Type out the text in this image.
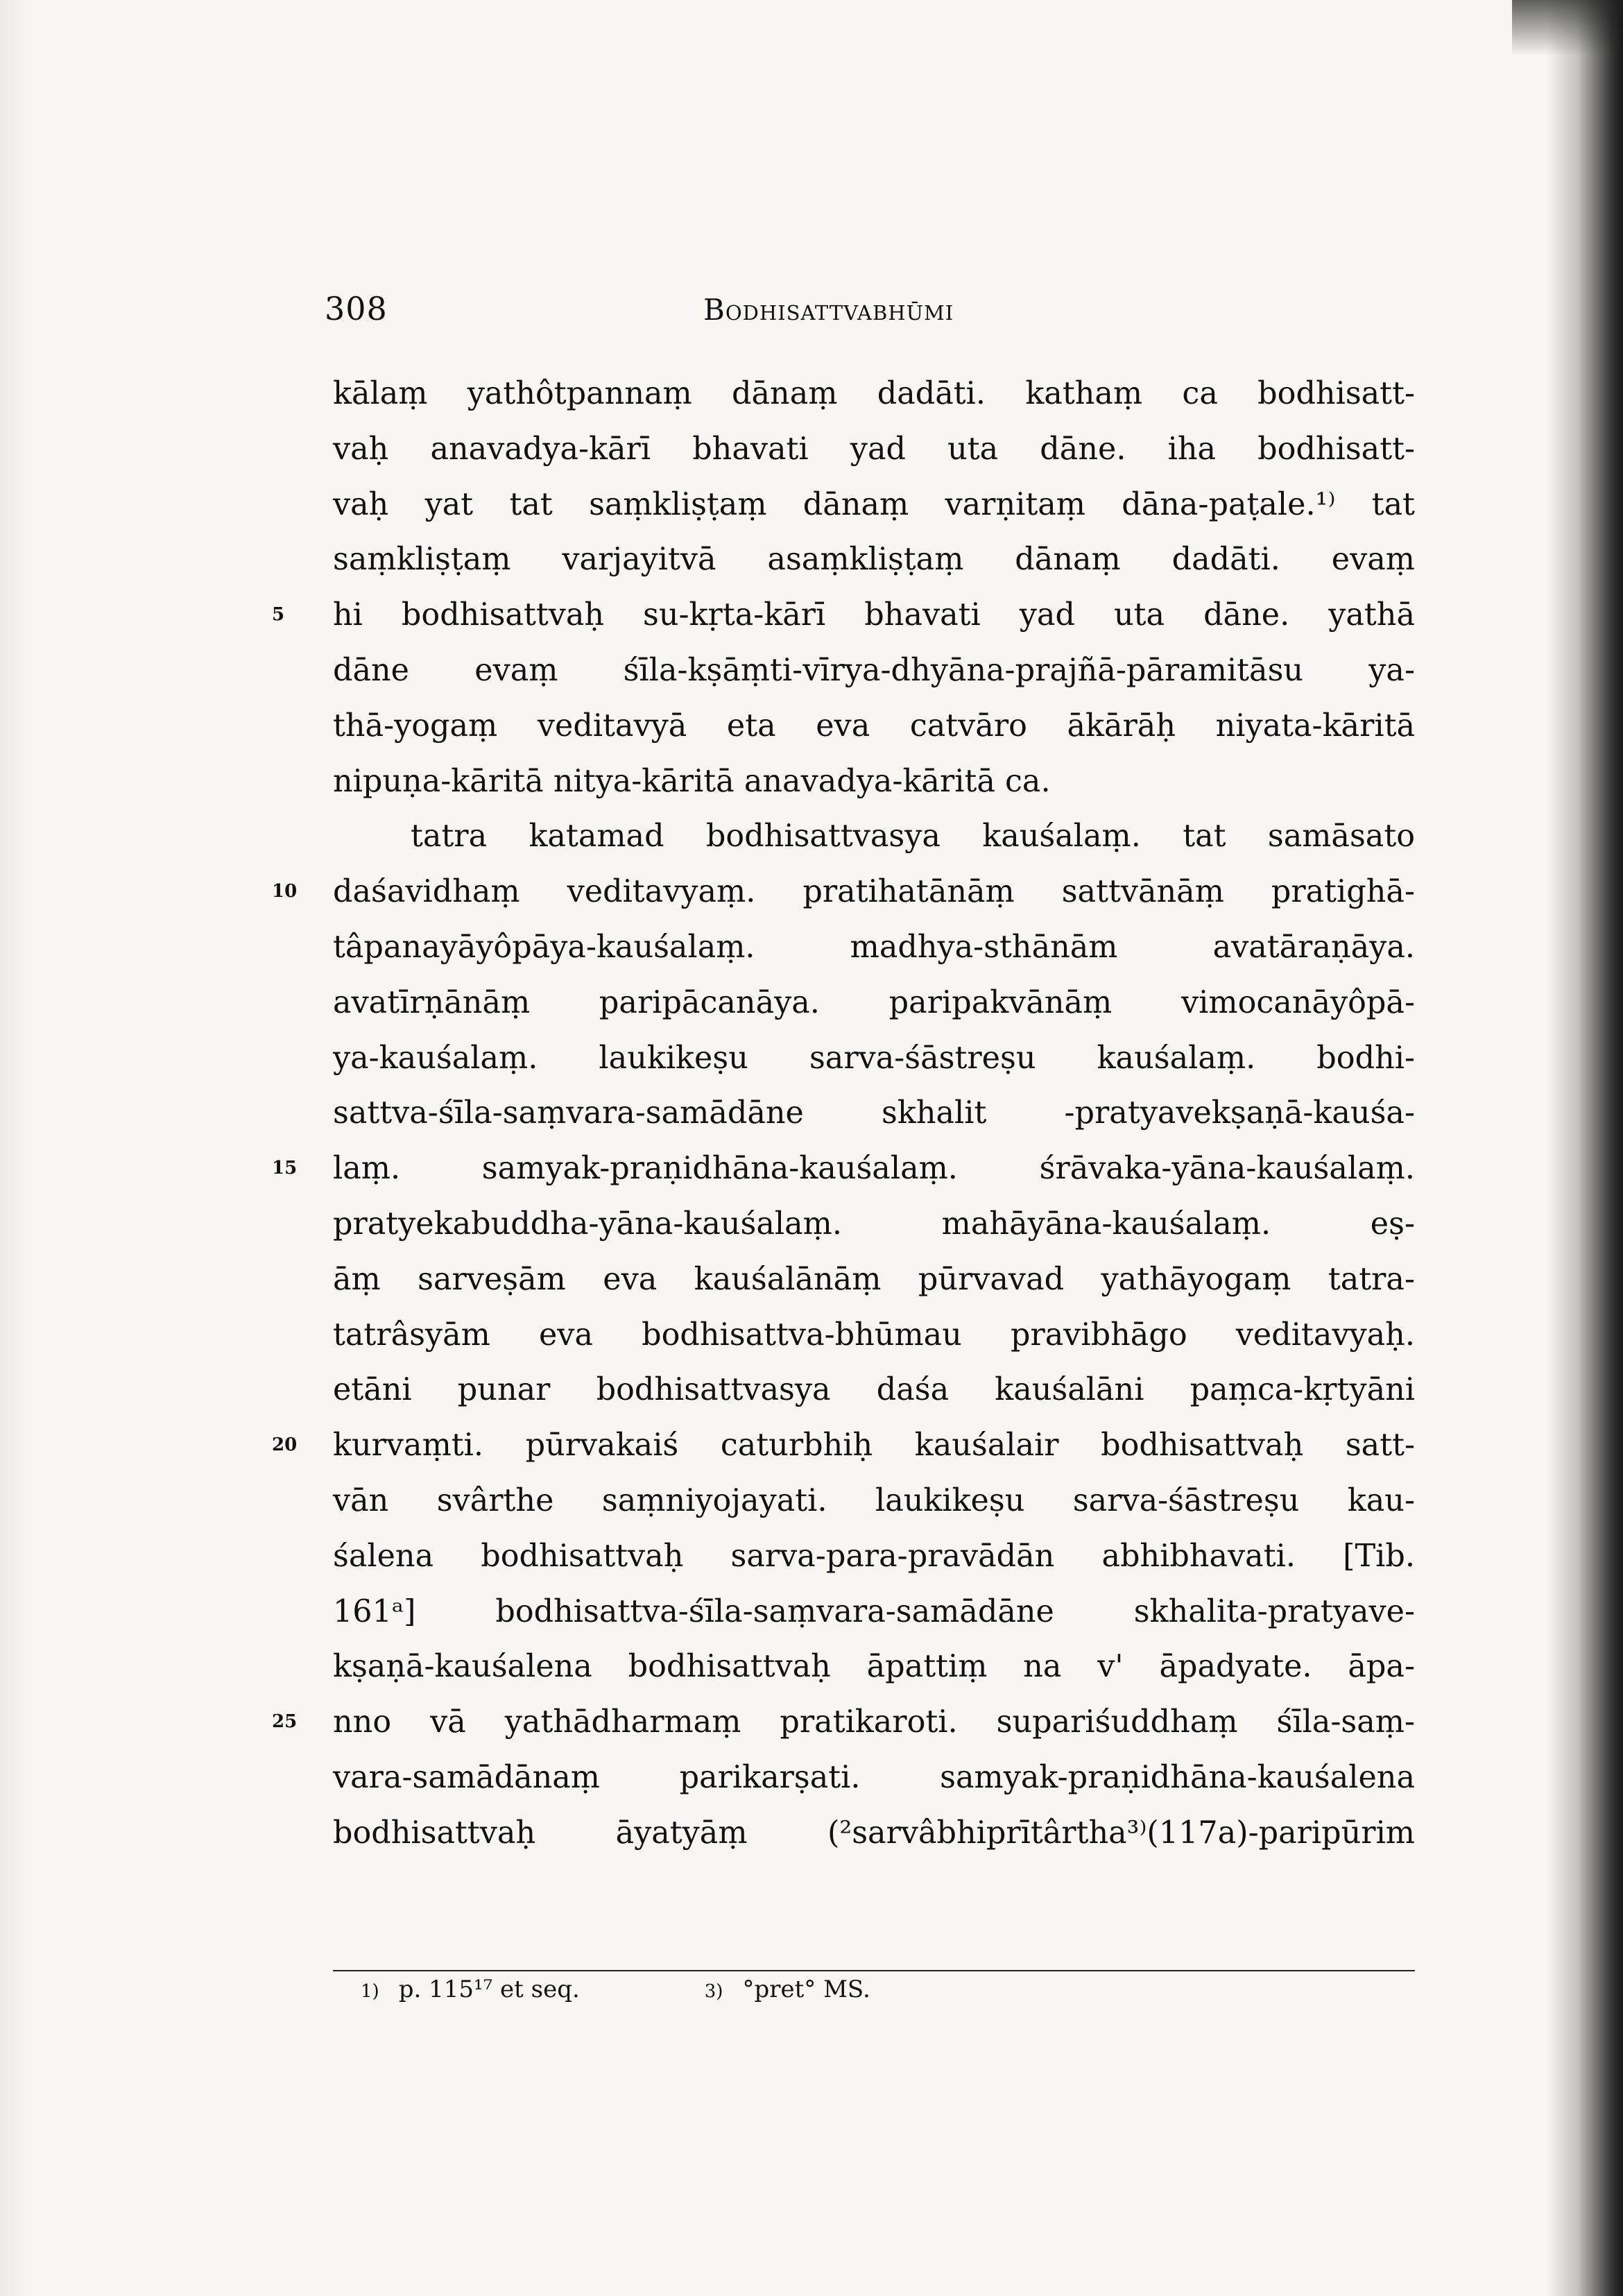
308	Bodhisattvabhūmi
kālaṃ yathôtpannaṃ dānaṃ dadāti. kathaṃ ca bodhisatt-
vaḥ anavadya-kārī bhavati yad uta dāne. iha bodhisatt-
vaḥ yat tat saṃkliṣṭaṃ dānaṃ varṇitaṃ dāna-paṭale.¹⁾ tat
saṃkliṣṭaṃ varjayitvā asaṃkliṣṭaṃ dānaṃ dadāti. evaṃ
5	hi bodhisattvaḥ su-kṛta-kārī bhavati yad uta dāne. yathā
dāne evaṃ śīla-kṣāṃti-vīrya-dhyāna-prajñā-pāramitāsu ya-
thā-yogaṃ veditavyā eta eva catvāro ākārāḥ niyata-kāritā
nipuṇa-kāritā nitya-kāritā anavadya-kāritā ca.
tatra katamad bodhisattvasya kauśalaṃ. tat samāsato
10 daśavidhaṃ veditavyaṃ. pratihatānāṃ sattvānāṃ pratighā-
tâpanayāyôpāya-kauśalaṃ. madhya-sthānām avatāraṇāya.
avatīrṇānāṃ paripācanāya. paripakvānāṃ vimocanāyôpā-
ya-kauśalaṃ. laukikeṣu sarva-śāstreṣu kauśalaṃ. bodhi-
sattva-śīla-saṃvara-samādāne skhalit -pratyavekṣaṇā-kauśa-
15 laṃ. samyak-praṇidhāna-kauśalaṃ. śrāvaka-yāna-kauśalaṃ.
pratyekabuddha-yāna-kauśalaṃ. mahāyāna-kauśalaṃ. eṣ-
āṃ sarveṣām eva kauśalānāṃ pūrvavad yathāyogaṃ tatra-
tatrâsyām eva bodhisattva-bhūmau pravibhāgo veditavyaḥ.
etāni punar bodhisattvasya daśa kauśalāni paṃca-kṛtyāni
20 kurvaṃti. pūrvakaiś caturbhiḥ kauśalair bodhisattvaḥ satt-
vān svârthe saṃniyojayati. laukikeṣu sarva-śāstreṣu kau-
śalena bodhisattvaḥ sarva-para-pravādān abhibhavati. [Tib.
161ᵃ] bodhisattva-śīla-saṃvara-samādāne skhalita-pratyave-
kṣaṇā-kauśalena bodhisattvaḥ āpattiṃ na v' āpadyate. āpa-
25 nno vā yathādharmaṃ pratikaroti. supariśuddhaṃ śīla-saṃ-
vara-samādānaṃ parikarṣati. samyak-praṇidhāna-kauśalena
bodhisattvaḥ āyatyāṃ (²sarvâbhiprītârtha³⁾(117a)-paripūrim
1) p. 115¹⁷ et seq.	3) °pret° MS.
